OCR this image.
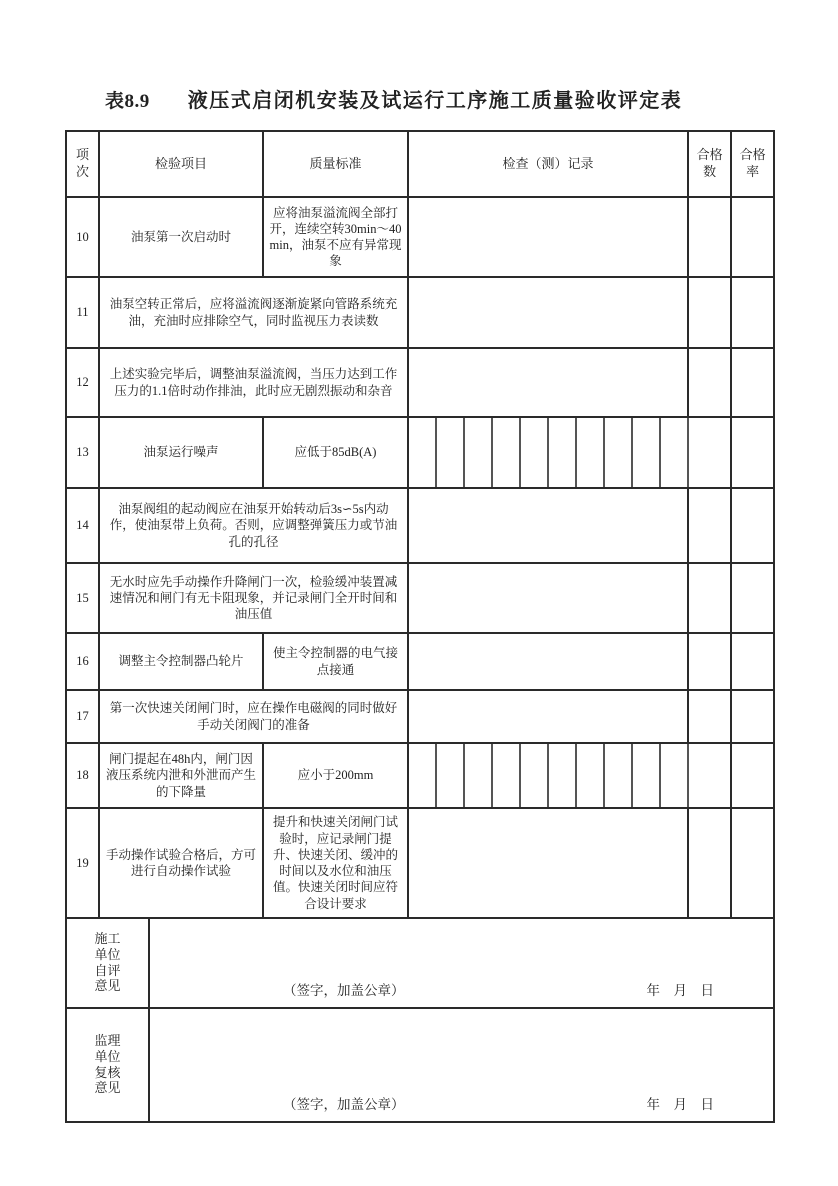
表8.9 液压式启闭机安装及试运行工序施工质量验收评定表
项次	检验项目	质量标准	检查（测）记录										合格数	合格率
10	油泵第一次启动时	应将油泵溢流阀全部打开，连续空转30min～40min，油泵不应有异常现象												
11	油泵空转正常后，应将溢流阀逐渐旋紧向管路系统充油，充油时应排除空气，同时监视压力表读数													
12	上述实验完毕后，调整油泵溢流阀，当压力达到工作压力的1.1倍时动作排油，此时应无剧烈振动和杂音													
13	油泵运行噪声	应低于85dB(A)												
14	油泵阀组的起动阀应在油泵开始转动后3s∽5s内动作，使油泵带上负荷。否则，应调整弹簧压力或节油孔的孔径													
15	无水时应先手动操作升降闸门一次，检验缓冲装置减速情况和闸门有无卡阻现象，并记录闸门全开时间和油压值													
16	调整主令控制器凸轮片	使主令控制器的电气接点接通												
17	第一次快速关闭闸门时，应在操作电磁阀的同时做好手动关闭阀门的准备													
18	闸门提起在48h内，闸门因液压系统内泄和外泄而产生的下降量	应小于200mm												
19	手动操作试验合格后，方可进行自动操作试验	提升和快速关闭闸门试验时，应记录闸门提升、快速关闭、缓冲的时间以及水位和油压值。快速关闭时间应符合设计要求												
施工单位自评意见	（签字，加盖公章） 年　月　日

监理单位复核意见	（签字，加盖公章） 年　月　日
